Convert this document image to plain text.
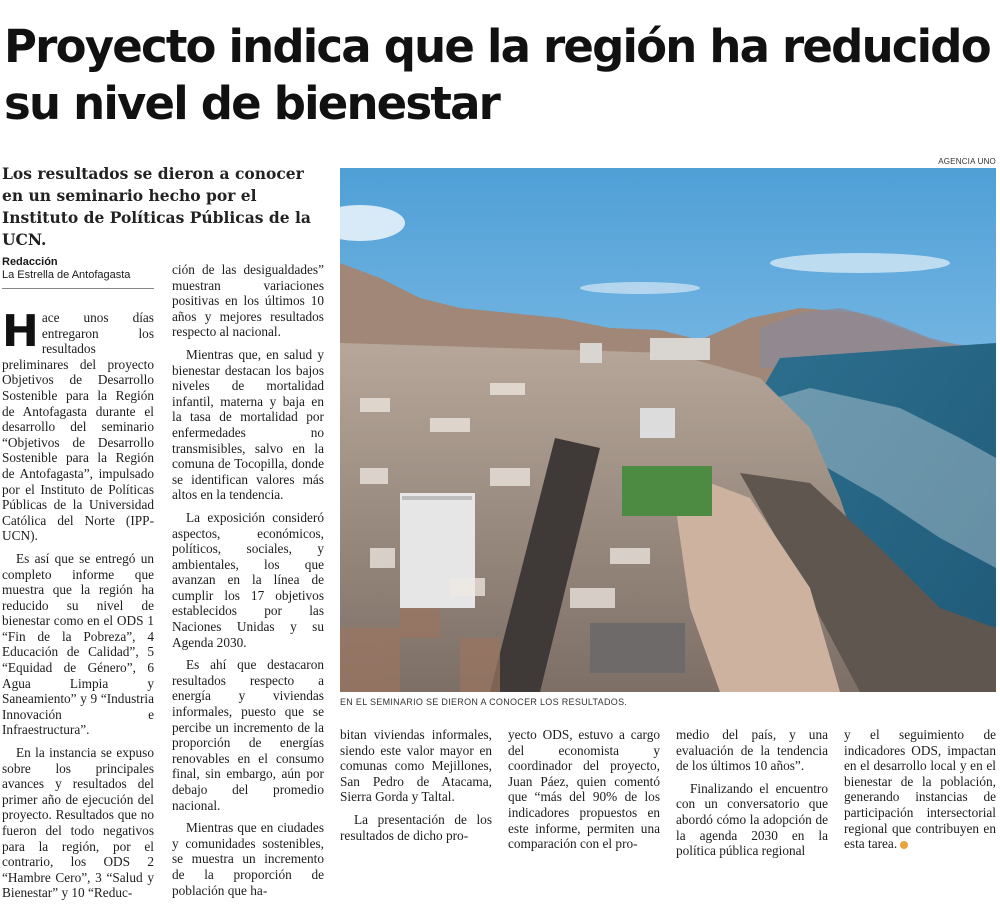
Proyecto indica que la región ha reducido su nivel de bienestar
Los resultados se dieron a conocer en un seminario hecho por el Instituto de Políticas Públicas de la UCN.
Redacción
La Estrella de Antofagasta
AGENCIA UNO
EN EL SEMINARIO SE DIERON A CONOCER LOS RESULTADOS.

Hace unos días entregaron los resultados preliminares del proyecto Objetivos de Desarrollo Sostenible para la Región de Antofagasta durante el desarrollo del seminario “Objetivos de Desarrollo Sostenible para la Región de Antofagasta”, impulsado por el Instituto de Políticas Públicas de la Universidad Católica del Norte (IPP-UCN).

Es así que se entregó un completo informe que muestra que la región ha reducido su nivel de bienestar como en el ODS 1 “Fin de la Pobreza”, 4 Educación de Calidad”, 5 “Equidad de Género”, 6 Agua Limpia y Saneamiento” y 9 “Industria Innovación e Infraestructura”.

En la instancia se expuso sobre los principales avances y resultados del primer año de ejecución del proyecto. Resultados que no fueron del todo negativos para la región, por el contrario, los ODS 2 “Hambre Cero”, 3 “Salud y Bienestar” y 10 “Reduc-

ción de las desigualdades” muestran variaciones positivas en los últimos 10 años y mejores resultados respecto al nacional.

Mientras que, en salud y bienestar destacan los bajos niveles de mortalidad infantil, materna y baja en la tasa de mortalidad por enfermedades no transmisibles, salvo en la comuna de Tocopilla, donde se identifican valores más altos en la tendencia.

La exposición consideró aspectos, económicos, políticos, sociales, y ambientales, los que avanzan en la línea de cumplir los 17 objetivos establecidos por las Naciones Unidas y su Agenda 2030.

Es ahí que destacaron resultados respecto a energía y viviendas informales, puesto que se percibe un incremento de la proporción de energías renovables en el consumo final, sin embargo, aún por debajo del promedio nacional.

Mientras que en ciudades y comunidades sostenibles, se muestra un incremento de la proporción de población que ha-

bitan viviendas informales, siendo este valor mayor en comunas como Mejillones, San Pedro de Atacama, Sierra Gorda y Taltal.

La presentación de los resultados de dicho pro-

yecto ODS, estuvo a cargo del economista y coordinador del proyecto, Juan Páez, quien comentó que “más del 90% de los indicadores propuestos en este informe, permiten una comparación con el pro-

medio del país, y una evaluación de la tendencia de los últimos 10 años”.

Finalizando el encuentro con un conversatorio que abordó cómo la adopción de la agenda 2030 en la política pública regional

y el seguimiento de indicadores ODS, impactan en el desarrollo local y en el bienestar de la población, generando instancias de participación intersectorial regional que contribuyen en esta tarea.
